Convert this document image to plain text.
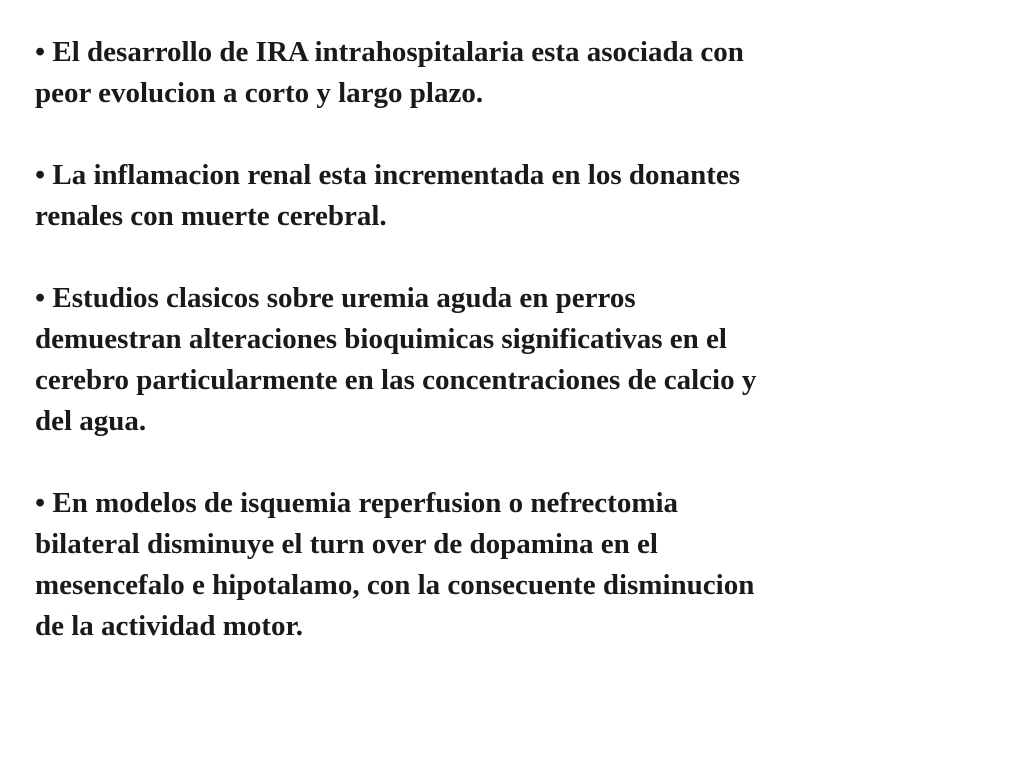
• El desarrollo de IRA intrahospitalaria esta asociada con
peor evolucion a corto y largo plazo.
• La inflamacion renal esta incrementada en los donantes
renales con muerte cerebral.
• Estudios clasicos sobre uremia aguda en perros
demuestran alteraciones bioquimicas significativas en el
cerebro particularmente en las concentraciones de calcio y
del agua.
• En modelos de isquemia reperfusion o nefrectomia
bilateral disminuye el turn over de dopamina en el
mesencefalo e hipotalamo, con la consecuente disminucion
de la actividad motor.
